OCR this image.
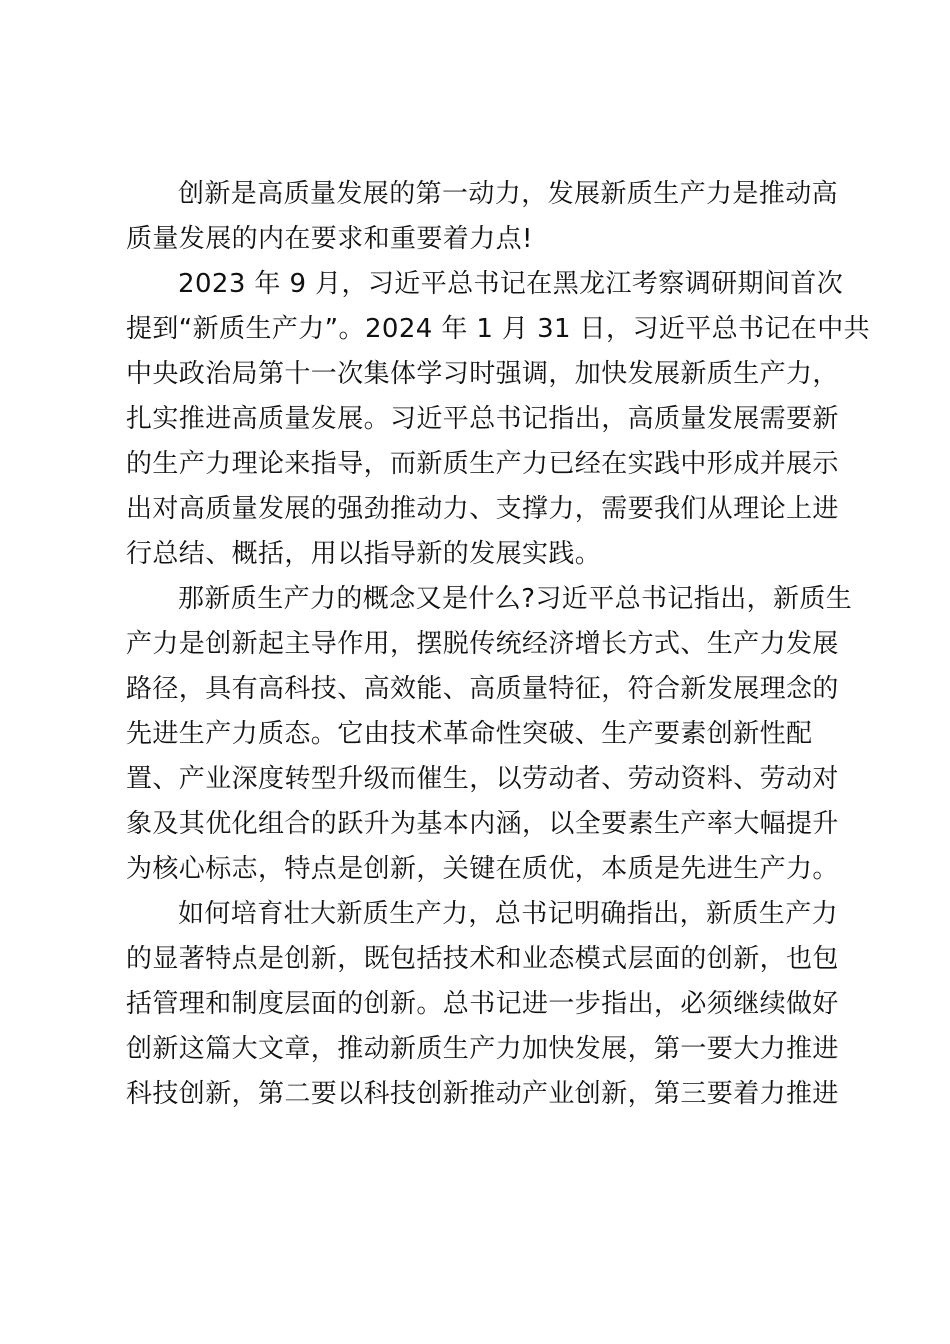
创新是高质量发展的第一动力，发展新质生产力是推动高
质量发展的内在要求和重要着力点!
2023 年 9 月，习近平总书记在黑龙江考察调研期间首次
提到“新质生产力”。2024 年 1 月 31 日，习近平总书记在中共
中央政治局第十一次集体学习时强调，加快发展新质生产力，
扎实推进高质量发展。习近平总书记指出，高质量发展需要新
的生产力理论来指导，而新质生产力已经在实践中形成并展示
出对高质量发展的强劲推动力、支撑力，需要我们从理论上进
行总结、概括，用以指导新的发展实践。
那新质生产力的概念又是什么?习近平总书记指出，新质生
产力是创新起主导作用，摆脱传统经济增长方式、生产力发展
路径，具有高科技、高效能、高质量特征，符合新发展理念的
先进生产力质态。它由技术革命性突破、生产要素创新性配
置、产业深度转型升级而催生，以劳动者、劳动资料、劳动对
象及其优化组合的跃升为基本内涵，以全要素生产率大幅提升
为核心标志，特点是创新，关键在质优，本质是先进生产力。
如何培育壮大新质生产力，总书记明确指出，新质生产力
的显著特点是创新，既包括技术和业态模式层面的创新，也包
括管理和制度层面的创新。总书记进一步指出，必须继续做好
创新这篇大文章，推动新质生产力加快发展，第一要大力推进
科技创新，第二要以科技创新推动产业创新，第三要着力推进
